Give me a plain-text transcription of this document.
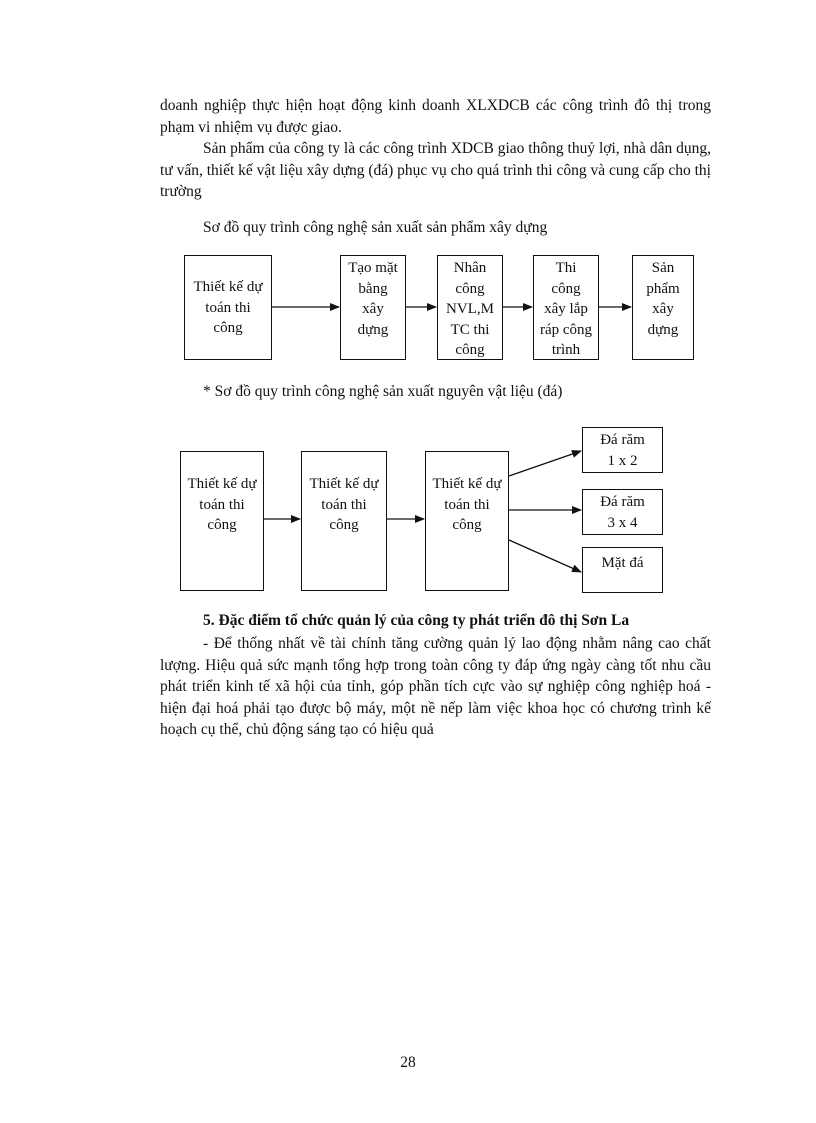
doanh nghiệp thực hiện hoạt động kinh doanh XLXDCB các công trình đô thị trong phạm vi nhiệm vụ được giao.

Sản phẩm của công ty là các công trình XDCB giao thông thuỷ lợi, nhà dân dụng, tư vấn, thiết kế vật liệu xây dựng (đá) phục vụ cho quá trình thi công và cung cấp cho thị trường

Sơ đồ quy trình công nghệ sản xuất sản phẩm xây dựng

Thiết kế dự
toán thi
công
Tạo mặt
bằng
xây
dựng
Nhân
công
NVL,M
TC thi
công
Thi
công
xây lắp
ráp công
trình
Sản
phẩm
xây
dựng

* Sơ đồ quy trình công nghệ sản xuất nguyên vật liệu (đá)

Thiết kế dự
toán thi
công
Thiết kế dự
toán thi
công
Thiết kế dự
toán thi
công
Đá răm
1 x 2
Đá răm
3 x 4
Mặt đá

5. Đặc điểm tổ chức quản lý của công ty phát triển đô thị Sơn La

- Để thống nhất về tài chính tăng cường quản lý lao động nhằm nâng cao chất lượng. Hiệu quả sức mạnh tổng hợp trong toàn công ty đáp ứng ngày càng tốt nhu cầu phát triển kinh tế xã hội của tỉnh, góp phần tích cực vào sự nghiệp công nghiệp hoá - hiện đại hoá phải tạo được bộ máy, một nề nếp làm việc khoa học có chương trình kế hoạch cụ thể, chủ động sáng tạo có hiệu quả

28
